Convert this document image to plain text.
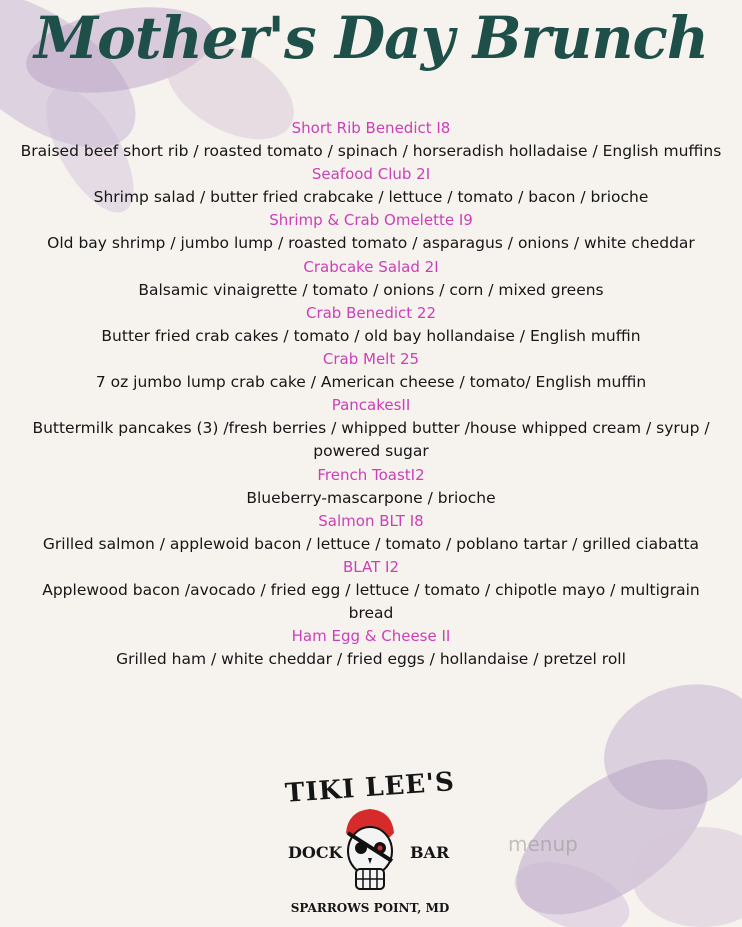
Mother's Day Brunch
Short Rib Benedict I8
Braised beef short rib / roasted tomato / spinach / horseradish holladaise / English muffins
Seafood Club 2I
Shrimp salad / butter fried crabcake / lettuce / tomato / bacon / brioche
Shrimp & Crab Omelette I9
Old bay shrimp / jumbo lump / roasted tomato / asparagus / onions / white cheddar
Crabcake Salad 2I
Balsamic vinaigrette / tomato / onions / corn / mixed greens
Crab Benedict 22
Butter fried crab cakes / tomato / old bay hollandaise / English muffin
Crab Melt 25
7 oz jumbo lump crab cake / American cheese / tomato/ English muffin
PancakesII
Buttermilk pancakes (3) /fresh berries / whipped butter /house whipped cream / syrup / powered sugar
French ToastI2
Blueberry-mascarpone / brioche
Salmon BLT I8
Grilled salmon / applewoid bacon / lettuce / tomato / poblano tartar / grilled ciabatta
BLAT I2
Applewood bacon /avocado / fried egg / lettuce / tomato / chipotle mayo / multigrain bread
Ham Egg & Cheese II
Grilled ham / white cheddar / fried eggs / hollandaise / pretzel roll
TIKI LEE'S
DOCK	BAR
SPARROWS POINT, MD
menup
